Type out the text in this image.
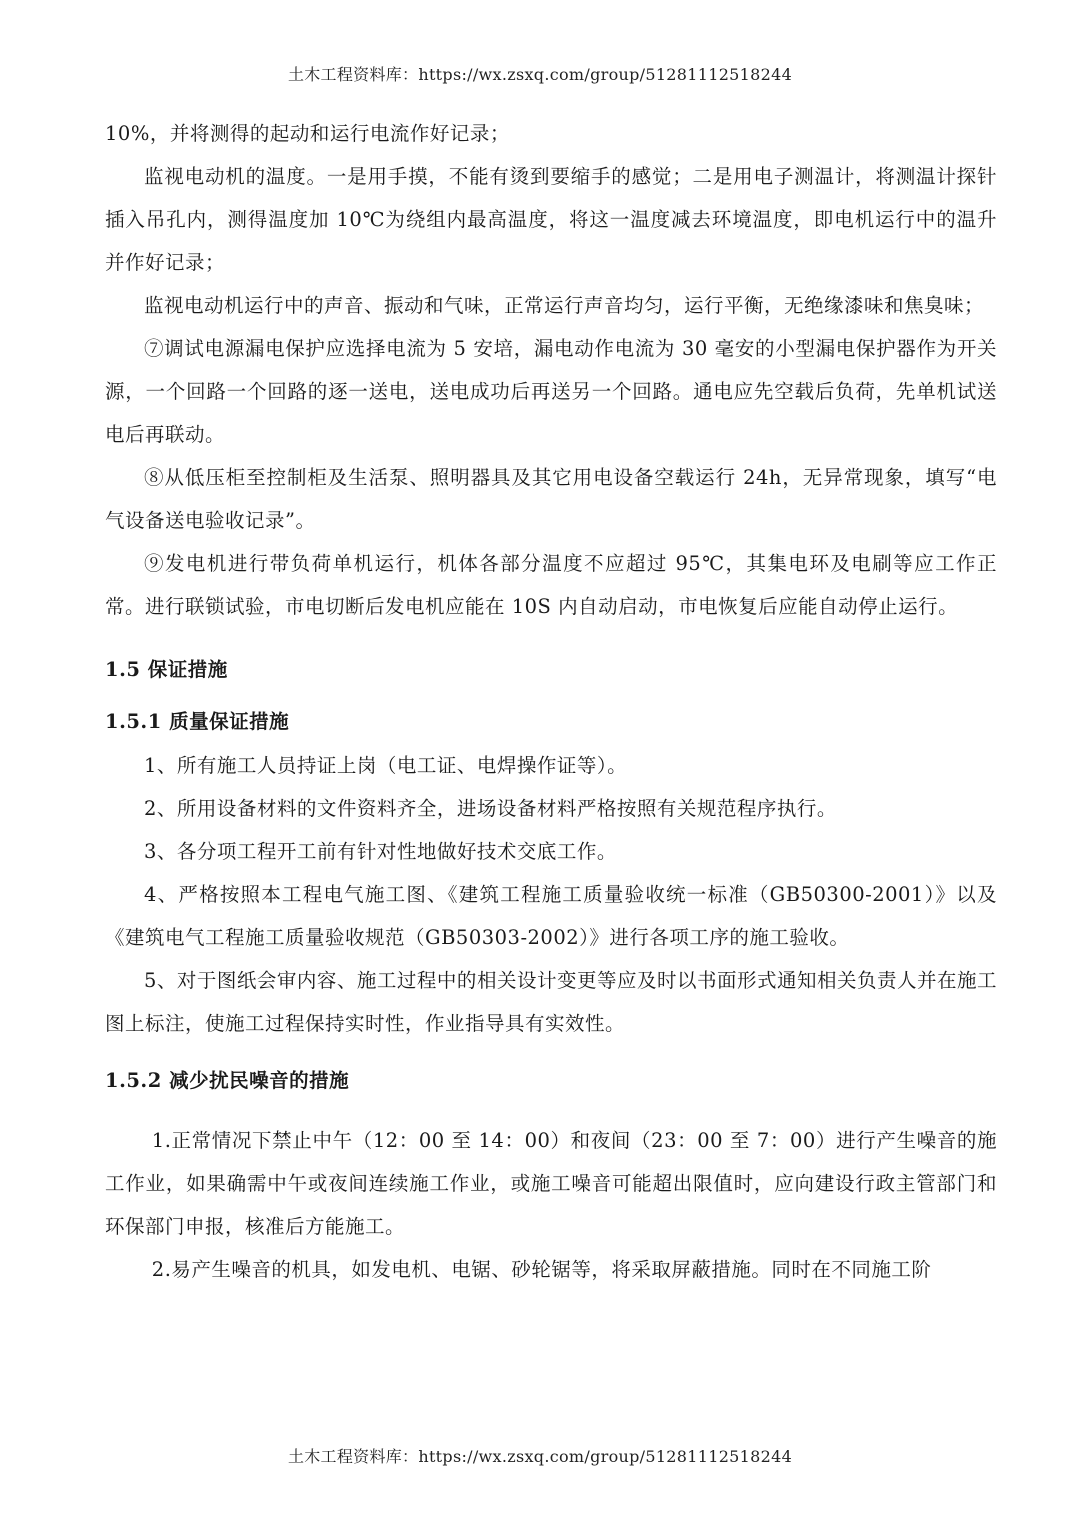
土木工程资料库：https://wx.zsxq.com/group/51281112518244

10%，并将测得的起动和运行电流作好记录；

监视电动机的温度。一是用手摸，不能有烫到要缩手的感觉；二是用电子测温计，将测温计探针插入吊孔内，测得温度加 10℃为绕组内最高温度，将这一温度减去环境温度，即电机运行中的温升并作好记录；

监视电动机运行中的声音、振动和气味，正常运行声音均匀，运行平衡，无绝缘漆味和焦臭味；

⑦调试电源漏电保护应选择电流为 5 安培，漏电动作电流为 30 毫安的小型漏电保护器作为开关源，一个回路一个回路的逐一送电，送电成功后再送另一个回路。通电应先空载后负荷，先单机试送电后再联动。

⑧从低压柜至控制柜及生活泵、照明器具及其它用电设备空载运行 24h，无异常现象，填写“电气设备送电验收记录”。

⑨发电机进行带负荷单机运行，机体各部分温度不应超过 95℃，其集电环及电刷等应工作正常。进行联锁试验，市电切断后发电机应能在 10S 内自动启动，市电恢复后应能自动停止运行。

1.5 保证措施
1.5.1 质量保证措施

1、所有施工人员持证上岗（电工证、电焊操作证等）。

2、所用设备材料的文件资料齐全，进场设备材料严格按照有关规范程序执行。

3、各分项工程开工前有针对性地做好技术交底工作。

4、严格按照本工程电气施工图、《建筑工程施工质量验收统一标准（GB50300-2001）》以及《建筑电气工程施工质量验收规范（GB50303-2002）》进行各项工序的施工验收。

5、对于图纸会审内容、施工过程中的相关设计变更等应及时以书面形式通知相关负责人并在施工图上标注，使施工过程保持实时性，作业指导具有实效性。

1.5.2 减少扰民噪音的措施

1.正常情况下禁止中午（12：00 至 14：00）和夜间（23：00 至 7：00）进行产生噪音的施工作业，如果确需中午或夜间连续施工作业，或施工噪音可能超出限值时，应向建设行政主管部门和环保部门申报，核准后方能施工。

2.易产生噪音的机具，如发电机、电锯、砂轮锯等，将采取屏蔽措施。同时在不同施工阶

土木工程资料库：https://wx.zsxq.com/group/51281112518244
